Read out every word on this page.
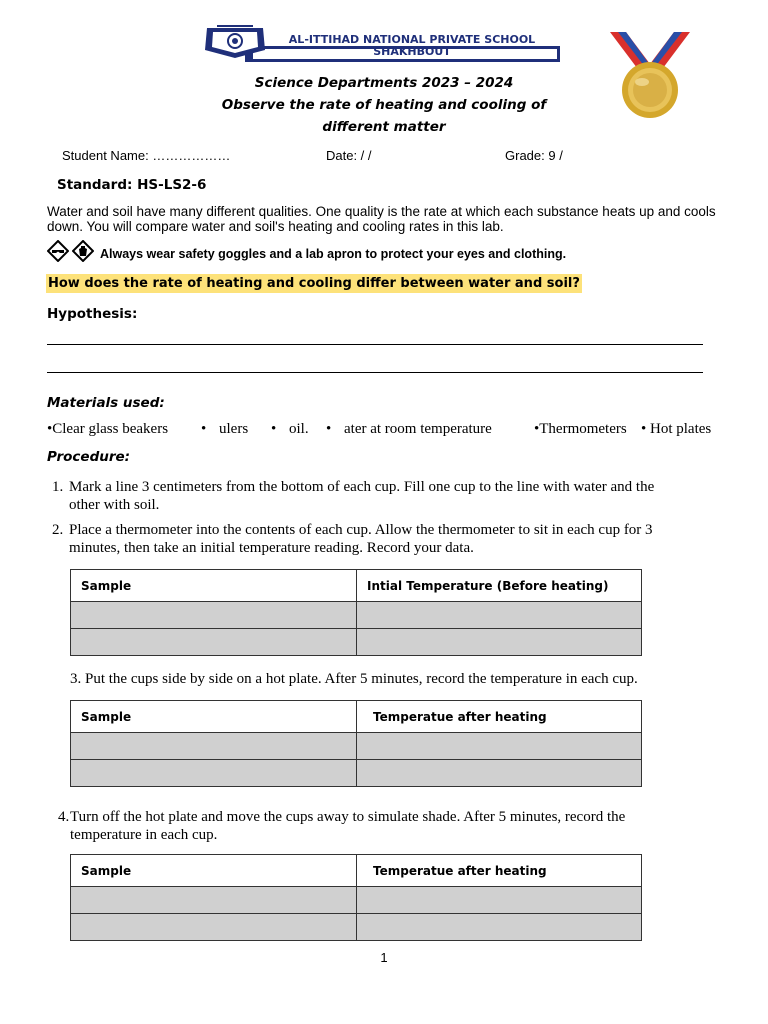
AL-ITTIHAD NATIONAL PRIVATE SCHOOL
SHAKHBOUT
Science Departments 2023 – 2024
Observe the rate of heating and cooling of
different matter
Student Name: ………………	Date: / /	Grade: 9 /
Standard: HS-LS2-6
Water and soil have many different qualities. One quality is the rate at which each substance heats up and cools down. You will compare water and soil's heating and cooling rates in this lab.
Always wear safety goggles and a lab apron to protect your eyes and clothing.
How does the rate of heating and cooling differ between water and soil?
Hypothesis:
Materials used:
•Clear glass beakers • ulers • oil. • ater at room temperature	•Thermometers • Hot plates
Procedure:
1. Mark a line 3 centimeters from the bottom of each cup. Fill one cup to the line with water and the
other with soil.
2. Place a thermometer into the contents of each cup. Allow the thermometer to sit in each cup for 3
minutes, then take an initial temperature reading. Record your data.
Sample	Intial Temperature (Before heating)

3. Put the cups side by side on a hot plate. After 5 minutes, record the temperature in each cup.
Sample	Temperatue after heating

4. Turn off the hot plate and move the cups away to simulate shade. After 5 minutes, record the
temperature in each cup.
Sample	Temperatue after heating

1
